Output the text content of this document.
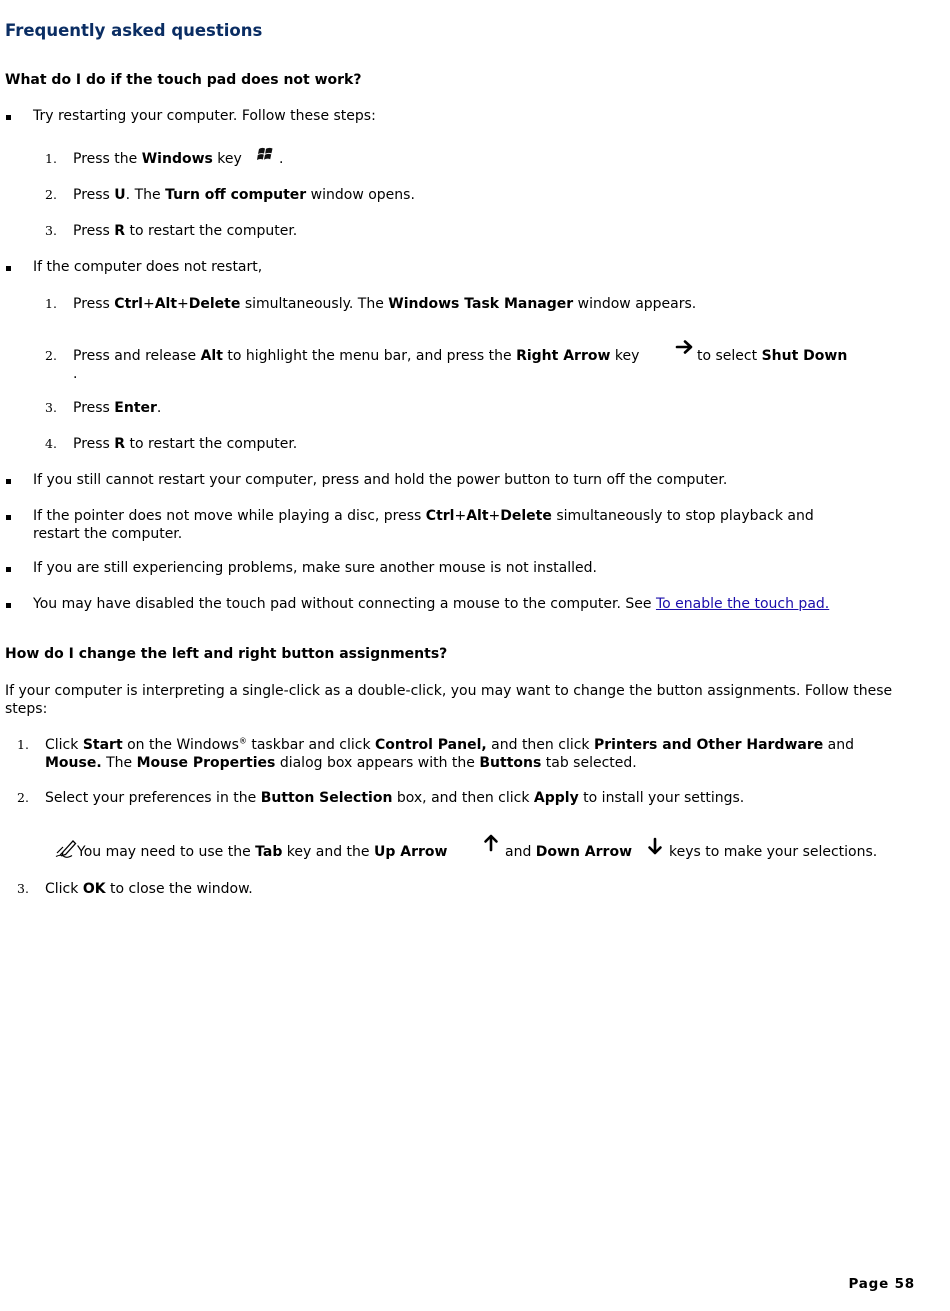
Frequently asked questions
What do I do if the touch pad does not work?
Try restarting your computer. Follow these steps:
1. Press the Windows key	.
2. Press U. The Turn off computer window opens.
3. Press R to restart the computer.
If the computer does not restart,
1. Press Ctrl+Alt+Delete simultaneously. The Windows Task Manager window appears.
2. Press and release Alt to highlight the menu bar, and press the Right Arrow key	to select Shut Down
.
3. Press Enter.
4. Press R to restart the computer.
If you still cannot restart your computer, press and hold the power button to turn off the computer.
If the pointer does not move while playing a disc, press Ctrl+Alt+Delete simultaneously to stop playback and restart the computer.
If you are still experiencing problems, make sure another mouse is not installed.
You may have disabled the touch pad without connecting a mouse to the computer. See To enable the touch pad.
How do I change the left and right button assignments?
If your computer is interpreting a single-click as a double-click, you may want to change the button assignments. Follow these steps:
1. Click Start on the Windows® taskbar and click Control Panel, and then click Printers and Other Hardware and Mouse. The Mouse Properties dialog box appears with the Buttons tab selected.
2. Select your preferences in the Button Selection box, and then click Apply to install your settings.
You may need to use the Tab key and the Up Arrow	and Down Arrow	keys to make your selections.
3. Click OK to close the window.
Page 58
